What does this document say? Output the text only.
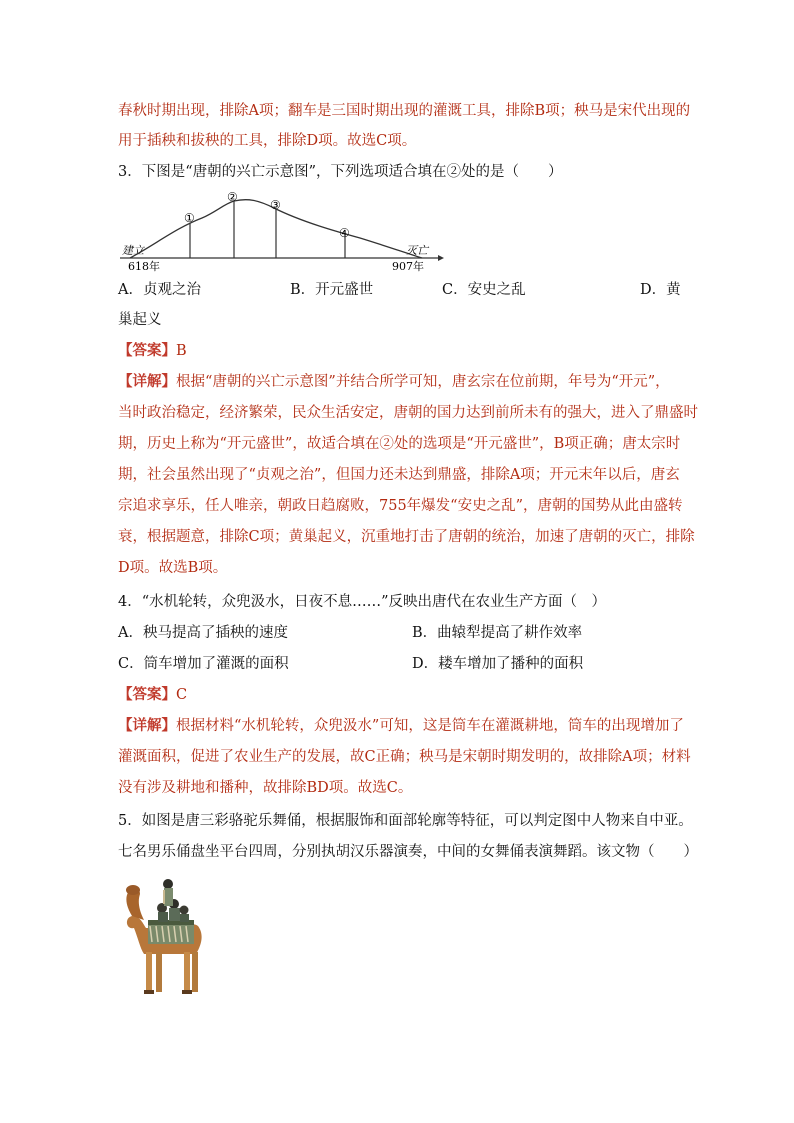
春秋时期出现，排除A项；翻车是三国时期出现的灌溉工具，排除B项；秧马是宋代出现的
用于插秧和拔秧的工具，排除D项。故选C项。
3．下图是“唐朝的兴亡示意图”，下列选项适合填在②处的是（　　）
①
②
③
④
建立
618年
灭亡
907年
A．贞观之治	B．开元盛世	C．安史之乱	D．黄
巢起义
【答案】B
【详解】根据“唐朝的兴亡示意图”并结合所学可知，唐玄宗在位前期，年号为“开元”，
当时政治稳定，经济繁荣，民众生活安定，唐朝的国力达到前所未有的强大，进入了鼎盛时
期，历史上称为“开元盛世”，故适合填在②处的选项是“开元盛世”，B项正确；唐太宗时
期，社会虽然出现了“贞观之治”，但国力还未达到鼎盛，排除A项；开元末年以后，唐玄
宗追求享乐，任人唯亲，朝政日趋腐败，755年爆发“安史之乱”，唐朝的国势从此由盛转
衰，根据题意，排除C项；黄巢起义，沉重地打击了唐朝的统治，加速了唐朝的灭亡，排除
D项。故选B项。
4．“水机轮转，众兜汲水，日夜不息……”反映出唐代在农业生产方面（　）
A．秧马提高了插秧的速度	B．曲辕犁提高了耕作效率
C．筒车增加了灌溉的面积	D．耧车增加了播种的面积
【答案】C
【详解】根据材料“水机轮转，众兜汲水”可知，这是筒车在灌溉耕地，筒车的出现增加了
灌溉面积，促进了农业生产的发展，故C正确；秧马是宋朝时期发明的，故排除A项；材料
没有涉及耕地和播种，故排除BD项。故选C。
5．如图是唐三彩骆驼乐舞俑，根据服饰和面部轮廓等特征，可以判定图中人物来自中亚。
七名男乐俑盘坐平台四周，分别执胡汉乐器演奏，中间的女舞俑表演舞蹈。该文物（　　）
